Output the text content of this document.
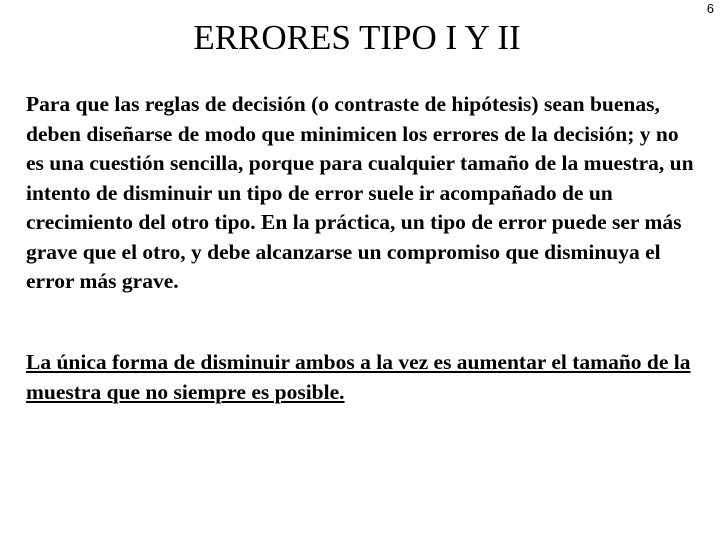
6
ERRORES TIPO I Y II

Para que las reglas de decisión (o contraste de hipótesis) sean buenas, deben diseñarse de modo que minimicen los errores de la decisión; y no es una cuestión sencilla, porque para cualquier tamaño de la muestra, un intento de disminuir un tipo de error suele ir acompañado de un crecimiento del otro tipo. En la práctica, un tipo de error puede ser más grave que el otro, y debe alcanzarse un compromiso que disminuya el error más grave.

La única forma de disminuir ambos a la vez es aumentar el tamaño de la muestra que no siempre es posible.
